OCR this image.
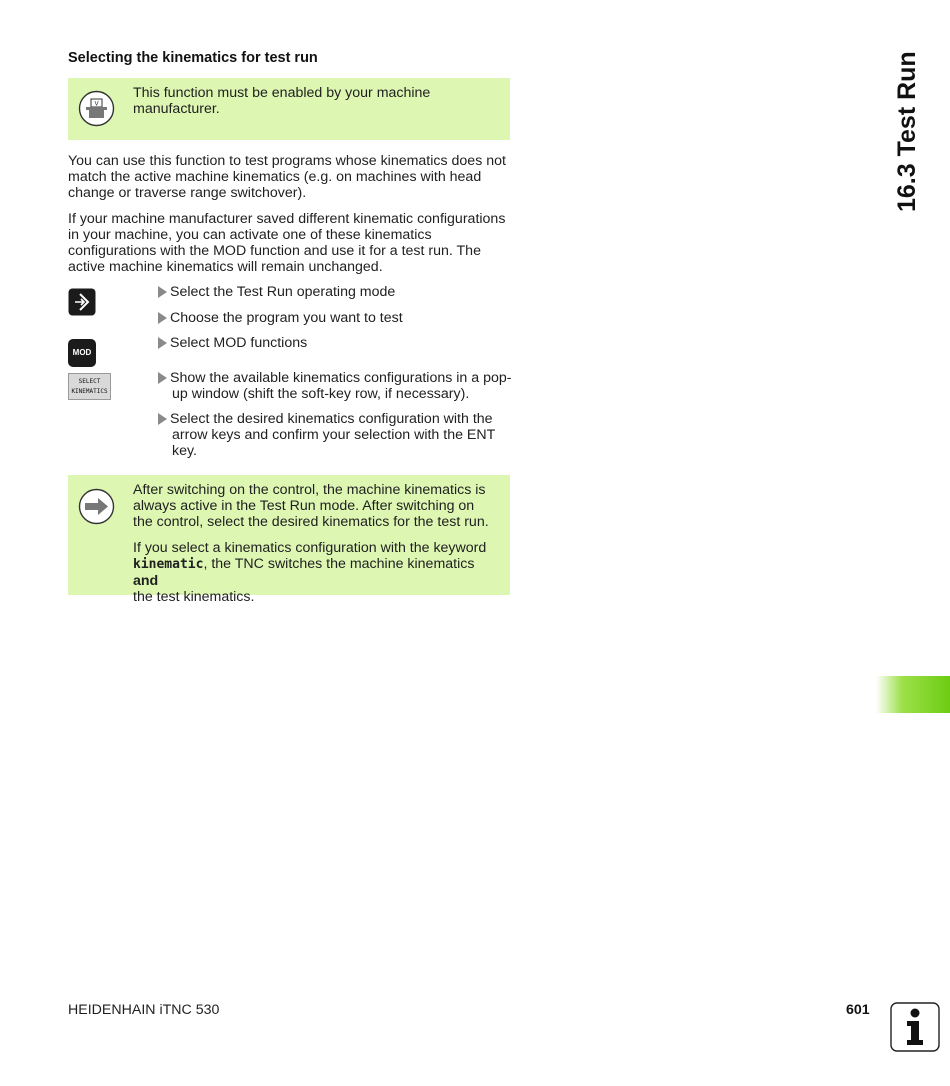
Selecting the kinematics for test run
V
This function must be enabled by your machine
manufacturer.
You can use this function to test programs whose kinematics does not
match the active machine kinematics (e.g. on machines with head
change or traverse range switchover).
If your machine manufacturer saved different kinematic configurations
in your machine, you can activate one of these kinematics
configurations with the MOD function and use it for a test run. The
active machine kinematics will remain unchanged.
MOD
SELECT
KINEMATICS
Select the Test Run operating mode
Choose the program you want to test
Select MOD functions
Show the available kinematics configurations in a pop-
up window (shift the soft-key row, if necessary).
Select the desired kinematics configuration with the
arrow keys and confirm your selection with the ENT
key.
After switching on the control, the machine kinematics is
always active in the Test Run mode. After switching on
the control, select the desired kinematics for the test run.
If you select a kinematics configuration with the keyword
kinematic, the TNC switches the machine kinematics and
the test kinematics.
16.3 Test Run
HEIDENHAIN iTNC 530	601
